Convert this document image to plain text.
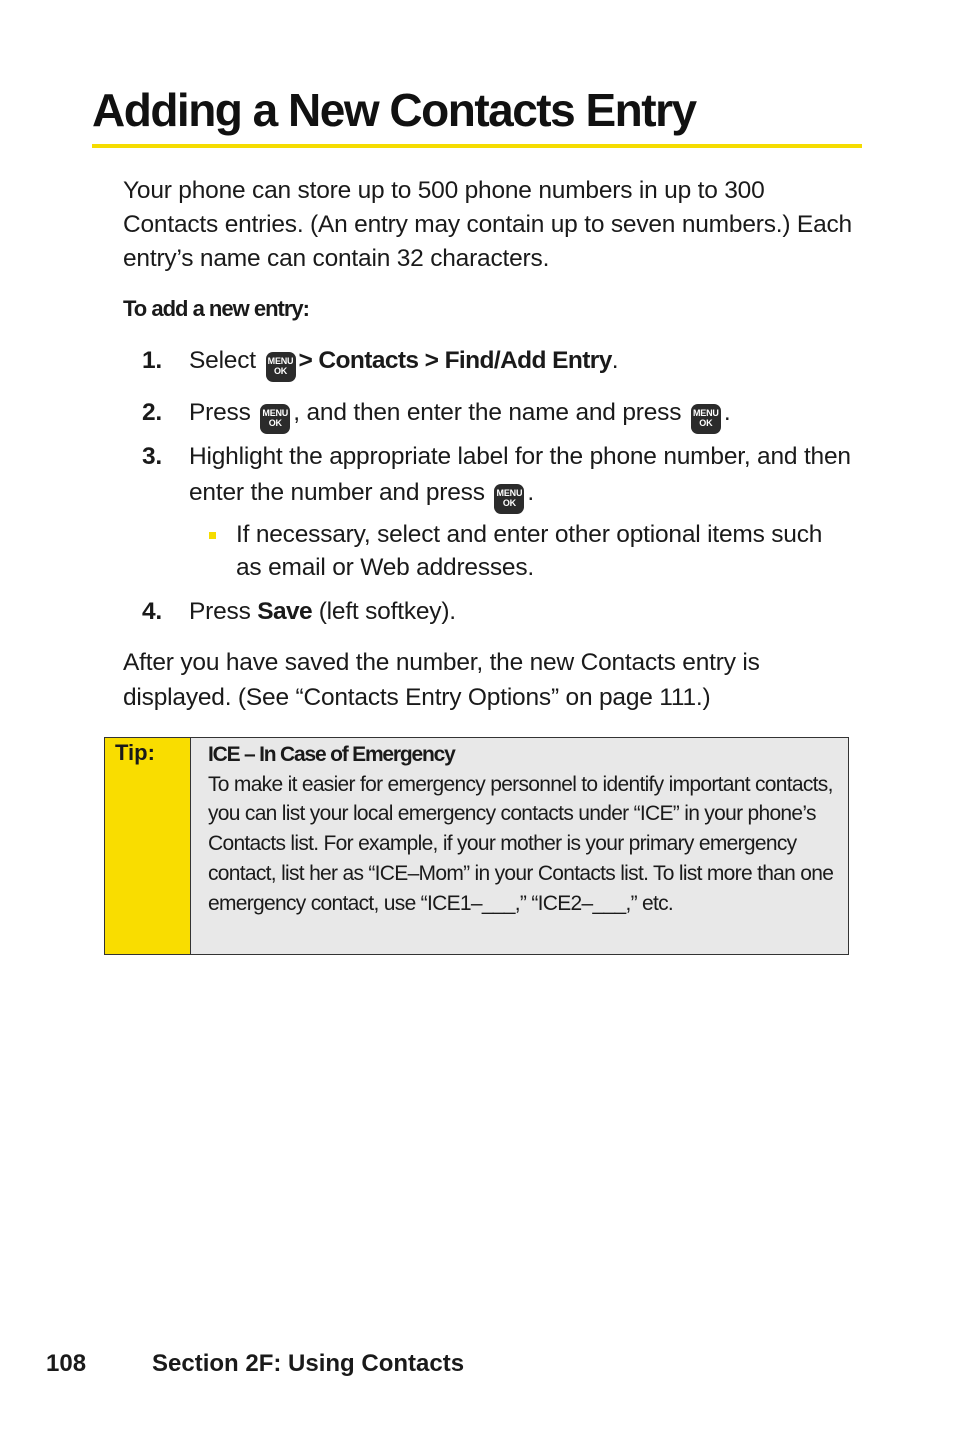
Adding a New Contacts Entry
Your phone can store up to 500 phone numbers in up to 300 Contacts entries. (An entry may contain up to seven numbers.) Each entry’s name can contain 32 characters.
To add a new entry:
1. Select MENU
OK > Contacts > Find/Add Entry.
2. Press MENU
OK , and then enter the name and press MENU
OK .
3. Highlight the appropriate label for the phone number, and then enter the number and press MENU
OK .
If necessary, select and enter other optional items such as email or Web addresses.
4. Press Save (left softkey).
After you have saved the number, the new Contacts entry is displayed. (See “Contacts Entry Options” on page 111.)
Tip:	ICE – In Case of Emergency
To make it easier for emergency personnel to identify important contacts, you can list your local emergency contacts under “ICE” in your phone’s Contacts list. For example, if your mother is your primary emergency contact, list her as “ICE–Mom” in your Contacts list. To list more than one emergency contact, use “ICE1–___,” “ICE2–___,” etc.
108	Section 2F: Using Contacts
